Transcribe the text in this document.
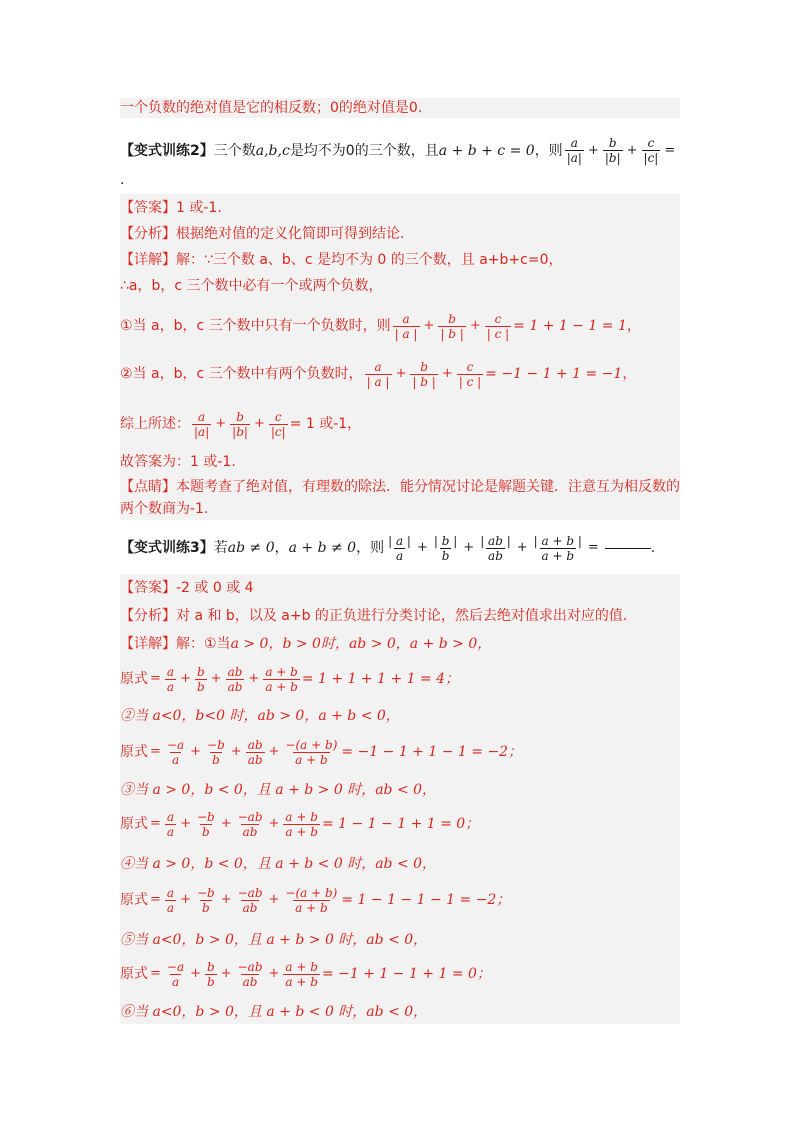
一个负数的绝对值是它的相反数；0的绝对值是0.
【变式训练2】 三个数 a,b,c 是均不为0的三个数，且 a + b + c = 0 ，则 $\frac{a}{|a|} + \frac{b}{|b|} + \frac{c}{|c|}$ =
.
【答案】 1 或-1.
【分析】 根据绝对值的定义化简即可得到结论.
【详解】 解：∵三个数 a、b、c 是均不为 0 的三个数，且 a+b+c=0，
∴a，b，c 三个数中必有一个或两个负数，
①当 a，b，c 三个数中只有一个负数时，则 $\frac{a}{| a |} + \frac{b}{| b |} + \frac{c}{| c |} = 1 + 1 - 1 = 1$ ，
②当 a，b，c 三个数中有两个负数时， $\frac{a}{| a |} + \frac{b}{| b |} + \frac{c}{| c |} = -1 - 1 + 1 = -1$ ，
综上所述： $\frac{a}{|a|} + \frac{b}{|b|} + \frac{c}{|c|} = 1$ 或-1，
故答案为：1 或-1.
【点睛】本题考查了绝对值，有理数的除法．能分情况讨论是解题关键．注意互为相反数的两个数商为-1.
【变式训练3】 若 ab ≠ 0 ， a + b ≠ 0 ，则 $\frac{| a |}{a} + \frac{| b |}{b} + \frac{| ab |}{ab} + \frac{| a + b |}{a + b}$ =	.
【答案】 -2 或 0 或 4
【分析】 对 a 和 b，以及 a+b 的正负进行分类讨论，然后去绝对值求出对应的值.
【详解】 解：①当 a > 0，b > 0时，ab > 0，a + b > 0，
原式 = $\frac{a}{a} + \frac{b}{b} + \frac{ab}{ab} + \frac{a + b}{a + b} = 1 + 1 + 1 + 1 = 4$；
②当 a<0，b<0 时，ab > 0，a + b < 0，
原式 = $\frac{-a}{a} + \frac{-b}{b} + \frac{ab}{ab} + \frac{-(a + b)}{a + b} = -1 - 1 + 1 - 1 = -2$；
③当 a > 0，b < 0，且 a + b > 0 时，ab < 0，
原式 = $\frac{a}{a} + \frac{-b}{b} + \frac{-ab}{ab} + \frac{a + b}{a + b} = 1 - 1 - 1 + 1 = 0$；
④当 a > 0，b < 0，且 a + b < 0 时，ab < 0，
原式 = $\frac{a}{a} + \frac{-b}{b} + \frac{-ab}{ab} + \frac{-(a + b)}{a + b} = 1 - 1 - 1 - 1 = -2$；
⑤当 a<0，b > 0，且 a + b > 0 时，ab < 0，
原式 = $\frac{-a}{a} + \frac{b}{b} + \frac{-ab}{ab} + \frac{a + b}{a + b} = -1 + 1 - 1 + 1 = 0$；
⑥当 a<0，b > 0，且 a + b < 0 时，ab < 0，
